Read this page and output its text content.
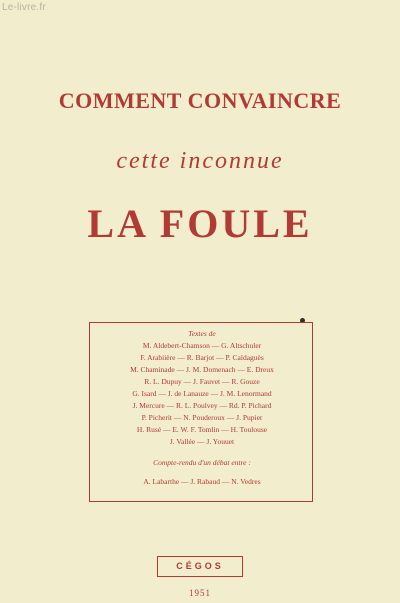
Le-livre.fr
COMMENT CONVAINCRE
cette inconnue
LA FOULE
Textes de
M. Aldebert-Chamson — G. Altschuler
F. Arabiière — R. Barjot — P. Caldaguès
M. Chaminade — J. M. Domenach — E. Dreux
R. L. Dupuy — J. Fauvet — R. Gouze
G. Isard — J. de Lanauze — J. M. Lenormand
J. Mercure — R. L. Poulvey — Rd. P. Pichard
P. Picherit — N. Pouderoux — J. Pupier
H. Rusé — E. W. F. Tomlin — H. Toulouse
J. Vallée — J. Youuet
Compte-rendu d'un débat entre :
A. Labarthe — J. Rabaud — N. Vedres
CÉGOS
1951
